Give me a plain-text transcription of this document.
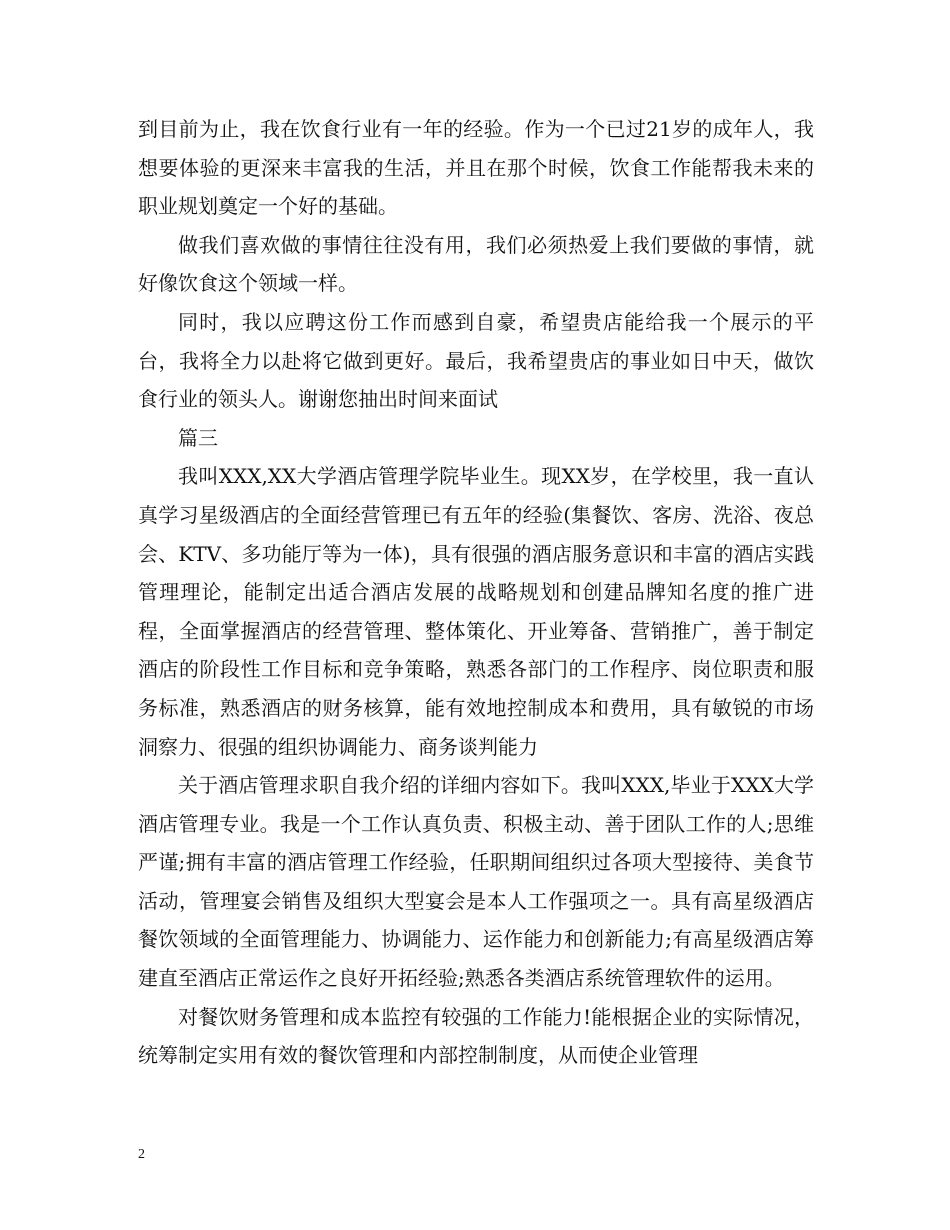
到目前为止，我在饮食行业有一年的经验。作为一个已过21岁的成年人，我想要体验的更深来丰富我的生活，并且在那个时候，饮食工作能帮我未来的职业规划奠定一个好的基础。

做我们喜欢做的事情往往没有用，我们必须热爱上我们要做的事情，就好像饮食这个领域一样。

同时，我以应聘这份工作而感到自豪，希望贵店能给我一个展示的平台，我将全力以赴将它做到更好。最后，我希望贵店的事业如日中天，做饮食行业的领头人。谢谢您抽出时间来面试

篇三

我叫XXX,XX大学酒店管理学院毕业生。现XX岁，在学校里，我一直认真学习星级酒店的全面经营管理已有五年的经验(集餐饮、客房、洗浴、夜总会、KTV、多功能厅等为一体)，具有很强的酒店服务意识和丰富的酒店实践管理理论，能制定出适合酒店发展的战略规划和创建品牌知名度的推广进程，全面掌握酒店的经营管理、整体策化、开业筹备、营销推广，善于制定酒店的阶段性工作目标和竞争策略，熟悉各部门的工作程序、岗位职责和服务标准，熟悉酒店的财务核算，能有效地控制成本和费用，具有敏锐的市场洞察力、很强的组织协调能力、商务谈判能力

关于酒店管理求职自我介绍的详细内容如下。我叫XXX,毕业于XXX大学酒店管理专业。我是一个工作认真负责、积极主动、善于团队工作的人;思维严谨;拥有丰富的酒店管理工作经验，任职期间组织过各项大型接待、美食节活动，管理宴会销售及组织大型宴会是本人工作强项之一。具有高星级酒店餐饮领域的全面管理能力、协调能力、运作能力和创新能力;有高星级酒店筹建直至酒店正常运作之良好开拓经验;熟悉各类酒店系统管理软件的运用。

对餐饮财务管理和成本监控有较强的工作能力!能根据企业的实际情况，统筹制定实用有效的餐饮管理和内部控制制度，从而使企业管理

2
